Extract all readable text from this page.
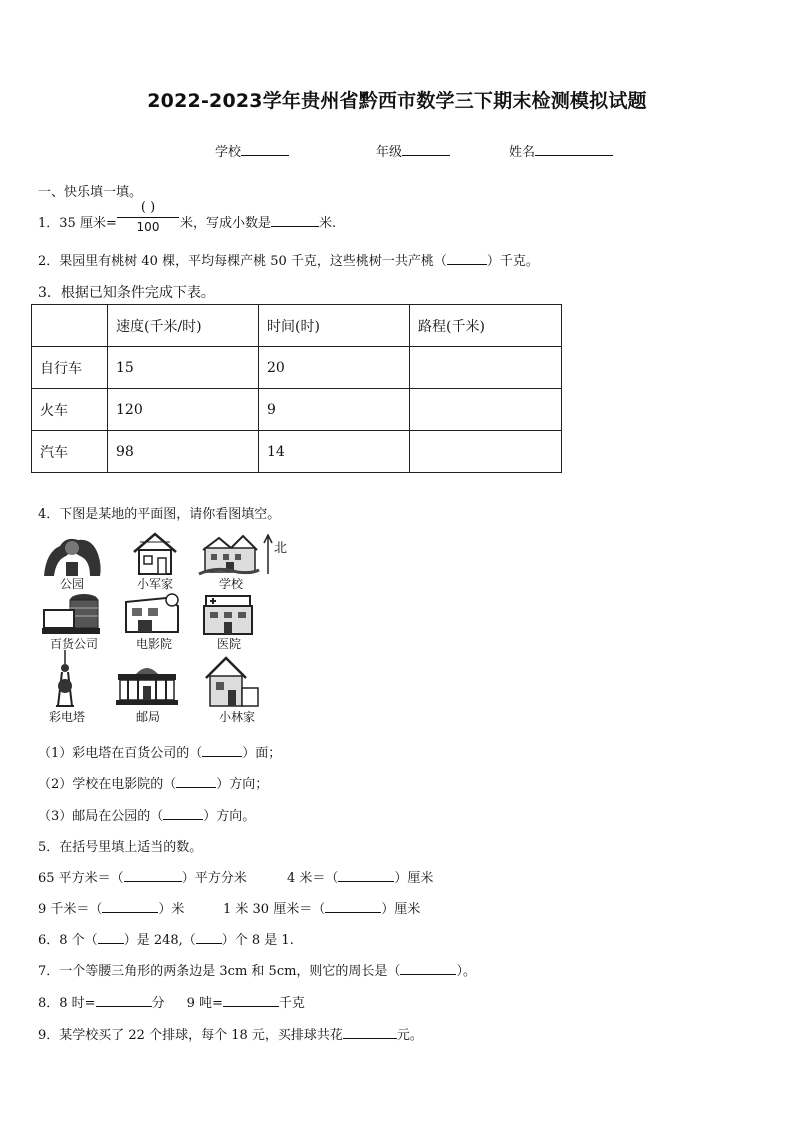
2022-2023学年贵州省黔西市数学三下期末检测模拟试题
学校	年级	姓名
一、快乐填一填。
1．35 厘米=
( )
100	米，写成小数是	米.
2．果园里有桃树 40 棵，平均每棵产桃 50 千克，这些桃树一共产桃（	）千克。
3．根据已知条件完成下表。
	速度(千米/时)	时间(时)	路程(千米)
自行车	15	20	
火车	120	9	
汽车	98	14	
4．下图是某地的平面图，请你看图填空。
公园	小军家	学校
北
百货公司	电影院	医院
彩电塔	邮局	小林家
（1）彩电塔在百货公司的（	）面；
（2）学校在电影院的（	）方向；
（3）邮局在公园的（	）方向。
5．在括号里填上适当的数。
65 平方米＝（	）平方分米	4 米＝（	）厘米
9 千米＝（	）米	1 米 30 厘米＝（	）厘米
6．8 个（ ）是 248,（ ）个 8 是 1.
7．一个等腰三角形的两条边是 3cm 和 5cm，则它的周长是（	）。
8．8 时=	分 9 吨=	千克
9．某学校买了 22 个排球，每个 18 元，买排球共花	元。
